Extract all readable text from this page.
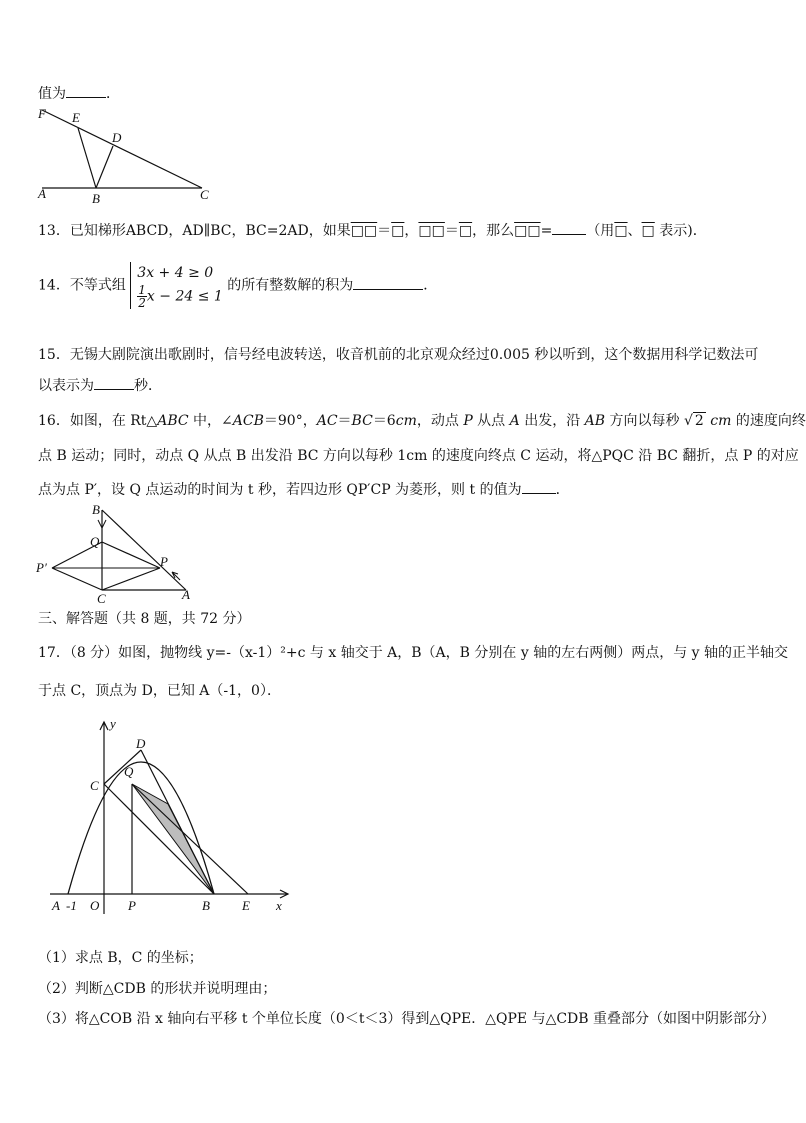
值为	．
F E
D
A	B	C
13．已知梯形ABCD，AD∥BC，BC=2AD，如果□□＝□，□□＝□，那么□□= （用□、□ 表示)．
14．不等式组
3x + 4 ≥ 0
$\frac{1}{2}$ x − 24 ≤ 1
的所有整数解的积为	．
15．无锡大剧院演出歌剧时，信号经电波转送，收音机前的北京观众经过0.005 秒以听到，这个数据用科学记数法可
以表示为	秒．
16．如图，在 Rt△ABC 中，∠ACB＝90°，AC＝BC＝6cm，动点 P 从点 A 出发，沿 AB 方向以每秒 √ 2 cm 的速度向终
点 B 运动；同时，动点 Q 从点 B 出发沿 BC 方向以每秒 1cm 的速度向终点 C 运动，将△PQC 沿 BC 翻折，点 P 的对应
点为点 P′，设 Q 点运动的时间为 t 秒，若四边形 QP′CP 为菱形，则 t 的值为 ．
B
Q
P′	P
C	A
三、解答题（共 8 题，共 72 分）
17．（8 分）如图，抛物线 y=-（x-1）²+c 与 x 轴交于 A，B（A，B 分别在 y 轴的左右两侧）两点，与 y 轴的正半轴交
于点 C，顶点为 D，已知 A（-1，0）．
y
x
D
Q
C
A -1 O P	B E
（1）求点 B，C 的坐标；
（2）判断△CDB 的形状并说明理由；
（3）将△COB 沿 x 轴向右平移 t 个单位长度（0＜t＜3）得到△QPE．△QPE 与△CDB 重叠部分（如图中阴影部分）
